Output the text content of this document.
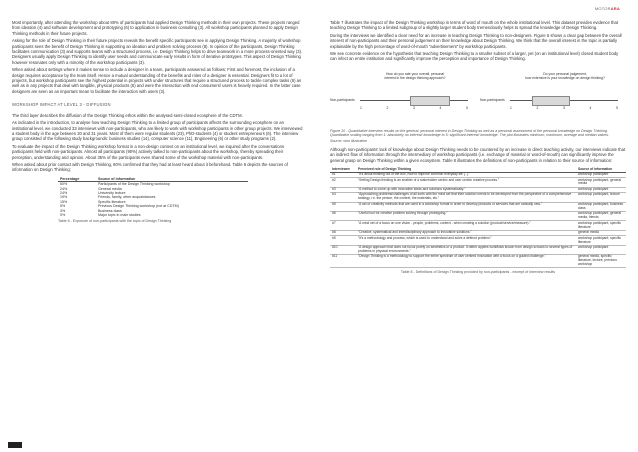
MOTORARA

Most importantly, after attending the workshop about 80% of participants had applied Design Thinking methods in their own projects. These projects ranged from ideation (4) and software development and prototyping (6) to application in business consulting (3). All workshop participants planned to apply Design Thinking methods in their future projects.

Asking for the role of Design Thinking in their future projects reveals the benefit specific participants see in applying Design Thinking. A majority of workshop participants sees the benefit of Design Thinking in supporting an ideation and problem solving process (8). In opinion of the participants, Design Thinking facilitates communication (3) and supports teams with a structured process, i.e. Design Thinking helps to drive teamwork in a more process-oriented way (3). Designers usually apply Design Thinking to identify user needs and communicate early results in form of iterative prototypes. This aspect of Design Thinking however resonates only with a minority of the workshop participants (3).

When asked about settings where it makes sense to include a designer in a team, participants answered as follows: First and foremost, the inclusion of a design requires acceptance by the team itself. Hence a mutual understanding of the benefits and roles of a designer is essential. Designers fit to a lot of projects, but workshop participants see the highest potential in projects with under structures that require a structured process to tackle complex tasks (6) as well as in any projects that deal with tangible, physical products (6) and were the interaction with end consumers/ users is heavily required. In the latter case designers are seen as an important mean to facilitate the interaction with users (3).

WORKSHOP IMPACT AT LEVEL 3 - DIFFUSION

The third layer describes the diffusion of the Design Thinking ethos within the analysed semi-closed ecosphere of the CDTM.

As indicated in the introduction, to analyse how teaching Design Thinking to a limited group of participants affects the surrounding ecosphere on an institutional level, we conducted 33 interviews with non-participants, who are likely to work with workshop participants in other group projects. We interviewed a student body in the age between 20 and 31 years. Most of them were regular students (23), PhD-students (4) or student entrepreneurs (6). The interview group consisted of the following study backgrounds: business studies (14), computer science (11), Engineering (6) or other study programs (2).

To evaluate the impact of the Design Thinking workshop format in a non-design context on an institutional level, we inquired after the conversations participants held with non-participants. Almost all participants (90%) actively talked to non-participants about the workshop, thereby spreading their perception, understanding and opinion. About 35% of the participants even shared some of the workshop material with non-participants.

When asked about prior contact with Design Thinking, 80% confirmed that they had at least heard about it beforehand. Table 6 depicts the sources of information on Design Thinking:

Percentage	Source of information
60%	Participants of the Design Thinking workshop
24%	General media
24%	University lecture
19%	Friends, family, other acquaintances
15%	Specific literature
5%	Previous Design Thinking workshop (not at CDTM)
3%	Business class
0%	Major topic in main studies
Table 6 - Exposure of non-participants with the topic of Design Thinking

Table 7 illustrates the impact of the Design Thinking workshop in terms of word of mouth on the whole institutional level. This dataset provides evidence that teaching Design Thinking to a limited subgroup of a slightly larger student body tremendously helps to spread the knowledge of Design Thinking.

During the interviews we identified a clear need for an increase in teaching Design Thinking to non-designers. Figure 5 shows a clear gap between the overall interest of non-participants and their personal judgement on their knowledge about Design Thinking. We think that the overall interest in the topic is partially explainable by the high percentage of word-of-mouth "advertisement" by workshop participants.

We see concrete evidence on the hypothesis that teaching Design Thinking to a smaller subset of a larger, yet (on an institutional level) closed student body can infect an entire institution and significantly improve the perception and importance of Design Thinking.

How do you rate your overall, personal
interest in the design thinking approach?
Non-participants
1	2	3	4	5
Do your personal judgement,
how extensive is your knowledge on design thinking?
Non-participants
1	2	3	4	5
Figure 10 - Quantitative interview results on the general, personal interest in Design Thinking as well as a personal assessment of the personal knowledge on Design Thinking. Quantitative scaling ranging from 1: absolutely no interest/ knowledge to 5: significant interest/ knowledge. The plot illustrates minimum, maximum, average and median values.
Source: own illustration

Although non-participants' lack of knowledge about Design Thinking needs to be countered by an increase in direct teaching activity, our interviews indicate that an indirect flow of information through the intermediary of workshop participants (i.e. exchange of material or word-of-mouth) can significantly improve the general grasp on Design Thinking within a given ecosystem. Table 8 illustrates the definitions of non-participants in relation to their source of information:

Interviewee	Perceived role of Design Thinking	Source of information
#1	"It's about thinking out of the box, how to improve common everyday life [...]"	workshop participant
#2	"Setting Design thinking is an enabler of a stakeholder centric and user centric creative process."	workshop participant, general media
#3	"A method to come up with innovative ideas and solutions systematically."	workshop participant
#4	"Approaching problems/challenges of all sorts with the mind set that their solution needs to be developed from the perspective of a comprehensive strategy, i.e. the person, the context, the materials, etc."	workshop participant, lecture
#5	"A set of creativity methods that are used in a workshop format in order to develop products or services that are radically new."	workshop participant, business class
#6	"Useful tool for creative problem solving through prototyping."	workshop participant, general media, friends
#7	"A mind set of a focus on one vision - people, problems, context - when creating a solution (product/service/measure)."	workshop participant, specific literature
#8	"Creative, systematical and interdisciplinary approach to innovative solutions."	general media
#9	"It's a methodology and process, which is used to understand and solve a defined problem."	workshop participant, specific literature
#10	"A design approach that does not focus purely on aesthetics or a product. It rather applies workflows known from design schools to several types of problems in physical environments."	workshop participant
#11	"Design Thinking is a methodology to support the entire spectrum of user centred innovation with a focus on a guided challenge."	general media, specific literature, lecture, previous workshop
Table 8 - Definitions of Design Thinking provided by non-participants - excerpt of interview results
